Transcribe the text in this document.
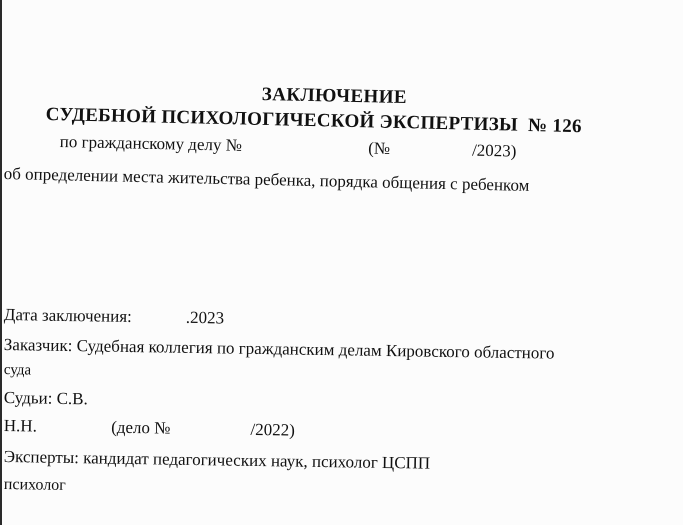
ЗАКЛЮЧЕНИЕ
СУДЕБНОЙ ПСИХОЛОГИЧЕСКОЙ ЭКСПЕРТИЗЫ № 126
по гражданскому делу №	(№	/2023)
об определении места жительства ребенка, порядка общения с ребенком
Дата заключения:	.2023
Заказчик: Судебная коллегия по гражданским делам Кировского областного
суда
Судьи: С.В.
Н.Н.	(дело №	/2022)
Эксперты: кандидат педагогических наук, психолог ЦСПП
психолог
